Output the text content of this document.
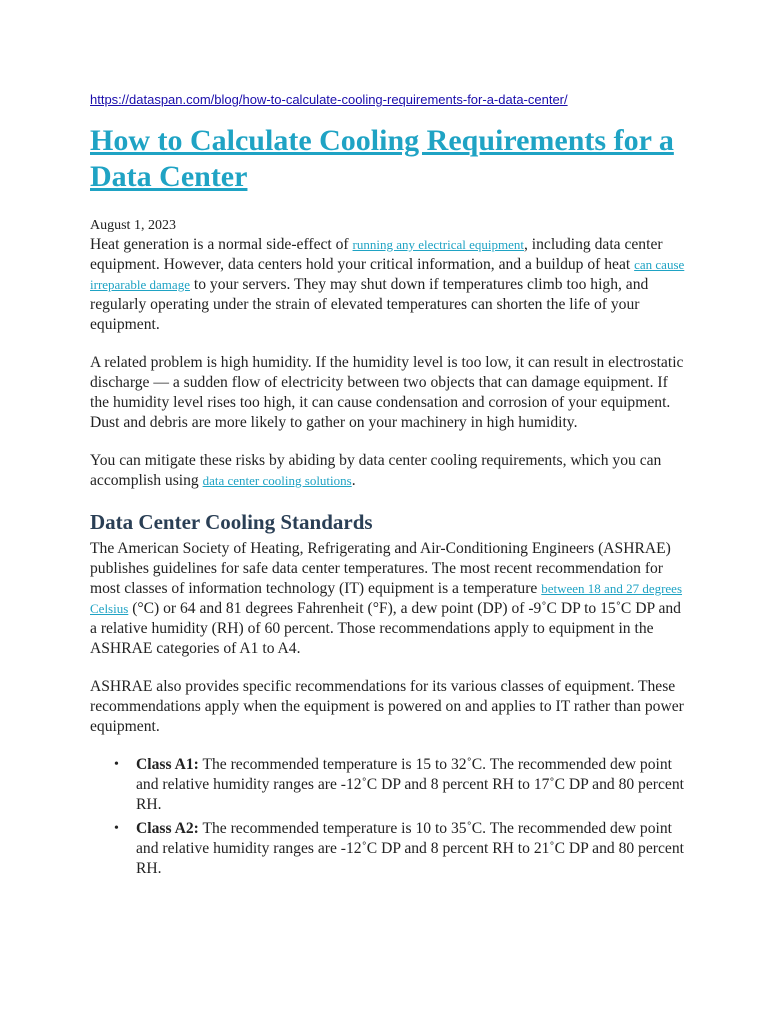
https://dataspan.com/blog/how-to-calculate-cooling-requirements-for-a-data-center/
How to Calculate Cooling Requirements for a Data Center

August 1, 2023

Heat generation is a normal side-effect of running any electrical equipment, including data center equipment. However, data centers hold your critical information, and a buildup of heat can cause irreparable damage to your servers. They may shut down if temperatures climb too high, and regularly operating under the strain of elevated temperatures can shorten the life of your equipment.

A related problem is high humidity. If the humidity level is too low, it can result in electrostatic discharge — a sudden flow of electricity between two objects that can damage equipment. If the humidity level rises too high, it can cause condensation and corrosion of your equipment. Dust and debris are more likely to gather on your machinery in high humidity.

You can mitigate these risks by abiding by data center cooling requirements, which you can accomplish using data center cooling solutions.

Data Center Cooling Standards

The American Society of Heating, Refrigerating and Air-Conditioning Engineers (ASHRAE) publishes guidelines for safe data center temperatures. The most recent recommendation for most classes of information technology (IT) equipment is a temperature between 18 and 27 degrees Celsius (°C) or 64 and 81 degrees Fahrenheit (°F), a dew point (DP) of -9˚C DP to 15˚C DP and a relative humidity (RH) of 60 percent. Those recommendations apply to equipment in the ASHRAE categories of A1 to A4.

ASHRAE also provides specific recommendations for its various classes of equipment. These recommendations apply when the equipment is powered on and applies to IT rather than power equipment.

• Class A1: The recommended temperature is 15 to 32˚C. The recommended dew point and relative humidity ranges are -12˚C DP and 8 percent RH to 17˚C DP and 80 percent RH.
• Class A2: The recommended temperature is 10 to 35˚C. The recommended dew point and relative humidity ranges are -12˚C DP and 8 percent RH to 21˚C DP and 80 percent RH.
